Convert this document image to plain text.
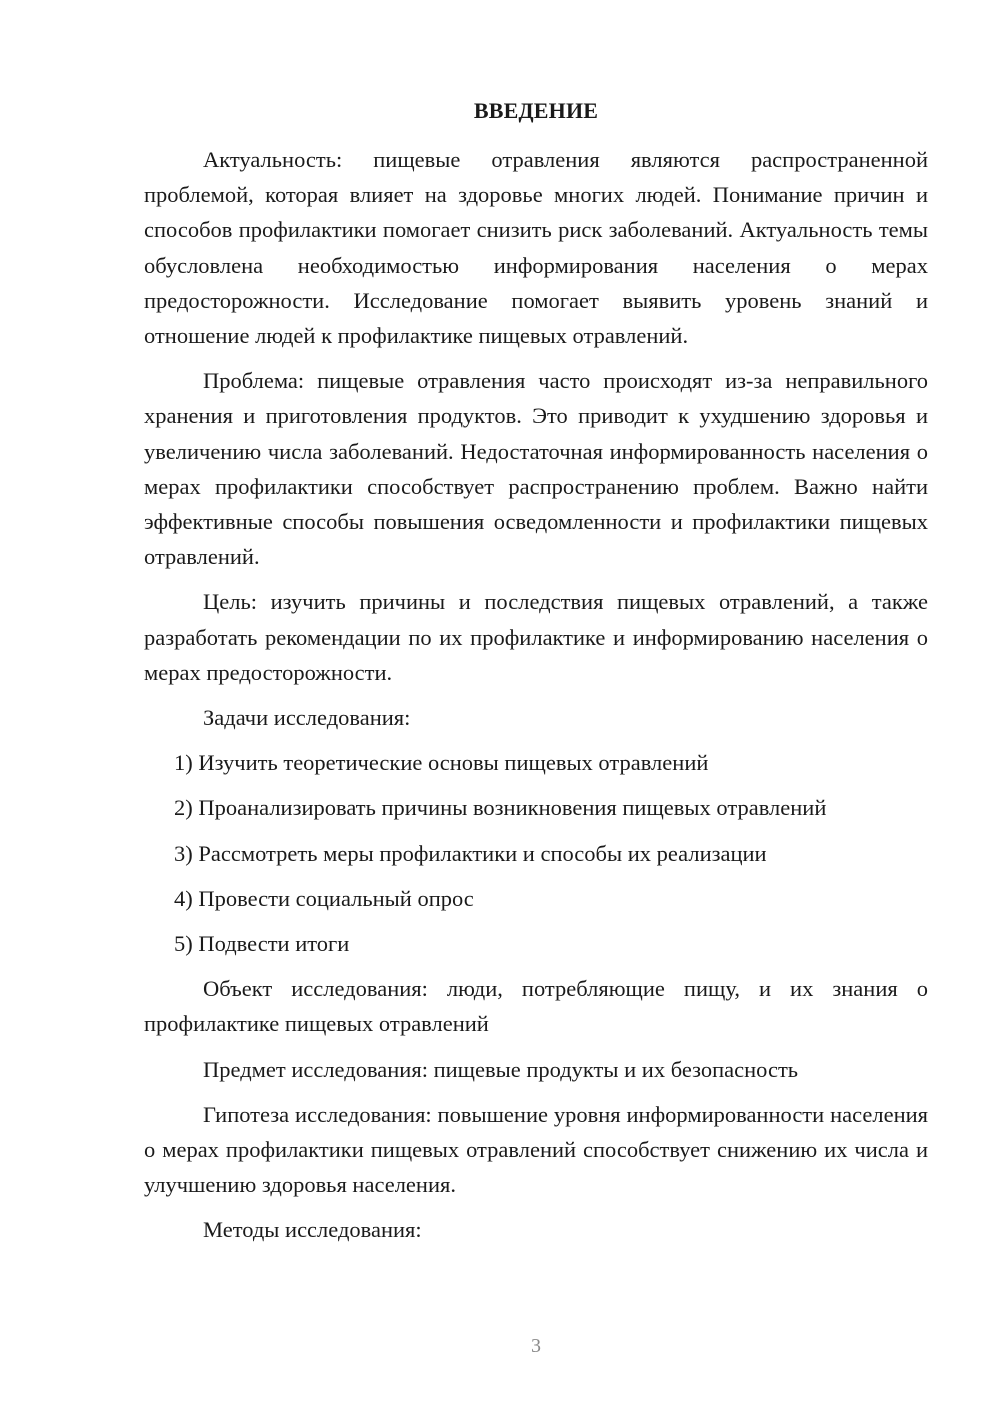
ВВЕДЕНИЕ

Актуальность: пищевые отравления являются распространенной проблемой, которая влияет на здоровье многих людей. Понимание причин и способов профилактики помогает снизить риск заболеваний. Актуальность темы обусловлена необходимостью информирования населения о мерах предосторожности. Исследование помогает выявить уровень знаний и отношение людей к профилактике пищевых отравлений.

Проблема: пищевые отравления часто происходят из-за неправильного хранения и приготовления продуктов. Это приводит к ухудшению здоровья и увеличению числа заболеваний. Недостаточная информированность населения о мерах профилактики способствует распространению проблем. Важно найти эффективные способы повышения осведомленности и профилактики пищевых отравлений.

Цель: изучить причины и последствия пищевых отравлений, а также разработать рекомендации по их профилактике и информированию населения о мерах предосторожности.

Задачи исследования:

1) Изучить теоретические основы пищевых отравлений

2) Проанализировать причины возникновения пищевых отравлений

3) Рассмотреть меры профилактики и способы их реализации

4) Провести социальный опрос

5) Подвести итоги

Объект исследования: люди, потребляющие пищу, и их знания о профилактике пищевых отравлений

Предмет исследования: пищевые продукты и их безопасность

Гипотеза исследования: повышение уровня информированности населения о мерах профилактики пищевых отравлений способствует снижению их числа и улучшению здоровья населения.

Методы исследования:

3
